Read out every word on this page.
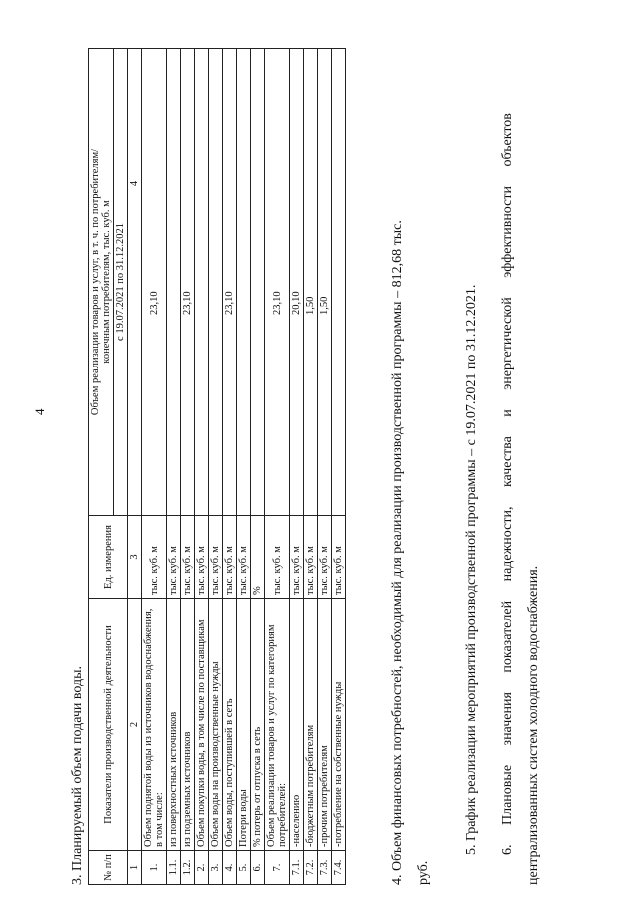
4
3. Планируемый объем подачи воды. № п/п	Показатели производственной деятельности	Ед. измерения	Объем реализации товаров и услуг, в т. ч. по потребителям/ конечным потребителям, тыс. куб. м

			с 19.07.2021 по 31.12.2021
1	2	3	4
1.	Объем поднятой воды из источников водоснабжения, в том числе:	тыс. куб. м	23,10
1.1.	из поверхностных источников	тыс. куб. м	
1.2.	из подземных источников	тыс. куб. м	23,10
2.	Объем покупки воды, в том числе по поставщикам	тыс. куб. м	
3.	Объем воды на производственные нужды	тыс. куб. м	
4.	Объем воды, поступившей в сеть	тыс. куб. м	23,10
5.	Потери воды	тыс. куб. м	
6.	% потерь от отпуска в сеть	%	
7.	Объем реализации товаров и услуг по категориям потребителей:	тыс. куб. м	23,10
7.1.	-населению	тыс. куб. м	20,10
7.2.	-бюджетным потребителям	тыс. куб. м	1,50
7.3.	-прочим потребителям	тыс. куб. м	1,50
7.4.	-потребление на собственные нужды	тыс. куб. м		4. Объем финансовых потребностей, необходимый для реализации производственной программы – 812,68 тыс. руб.
5. График реализации мероприятий производственной программы – с 19.07.2021 по 31.12.2021. 6. Плановые значения показателей надежности, качества и энергетической эффективности объектов централизованных систем холодного водоснабжения.
